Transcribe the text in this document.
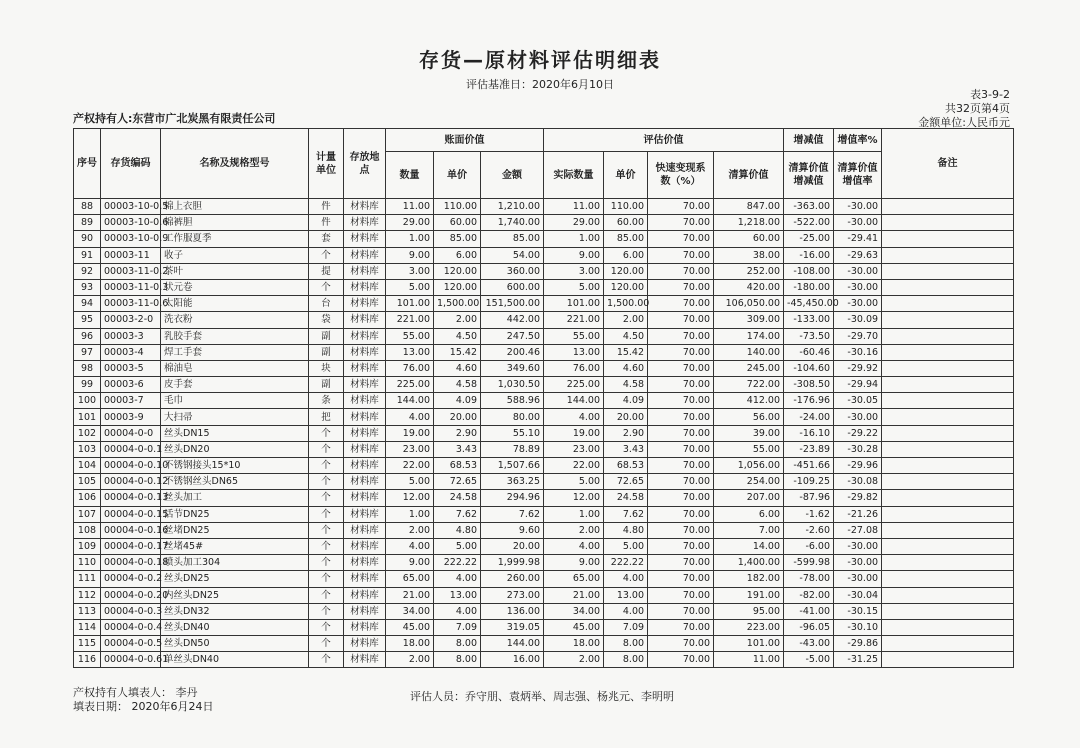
存货—原材料评估明细表
评估基准日：2020年6月10日
表3-9-2
共32页第4页
金额单位:人民币元
产权持有人:东营市广北炭黑有限责任公司
序号	存货编码	名称及规格型号	计量单位	存放地点	账面价值			评估价值				增减值	增值率%	备注
					数量	单价	金额	实际数量	单价	快速变现系数（%）	清算价值	清算价值增减值	清算价值增值率	
88	00003-10-0.5	棉上衣胆	件	材料库	11.00	110.00	1,210.00	11.00	110.00	70.00	847.00	-363.00	-30.00	
89	00003-10-0.6	棉裤胆	件	材料库	29.00	60.00	1,740.00	29.00	60.00	70.00	1,218.00	-522.00	-30.00	
90	00003-10-0.9	工作服夏季	套	材料库	1.00	85.00	85.00	1.00	85.00	70.00	60.00	-25.00	-29.41	
91	00003-11	收子	个	材料库	9.00	6.00	54.00	9.00	6.00	70.00	38.00	-16.00	-29.63	
92	00003-11-0.2	茶叶	提	材料库	3.00	120.00	360.00	3.00	120.00	70.00	252.00	-108.00	-30.00	
93	00003-11-0.3	状元卷	个	材料库	5.00	120.00	600.00	5.00	120.00	70.00	420.00	-180.00	-30.00	
94	00003-11-0.6	太阳能	台	材料库	101.00	1,500.00	151,500.00	101.00	1,500.00	70.00	106,050.00	-45,450.00	-30.00	
95	00003-2-0	洗衣粉	袋	材料库	221.00	2.00	442.00	221.00	2.00	70.00	309.00	-133.00	-30.09	
96	00003-3	乳胶手套	副	材料库	55.00	4.50	247.50	55.00	4.50	70.00	174.00	-73.50	-29.70	
97	00003-4	焊工手套	副	材料库	13.00	15.42	200.46	13.00	15.42	70.00	140.00	-60.46	-30.16	
98	00003-5	棉油皂	块	材料库	76.00	4.60	349.60	76.00	4.60	70.00	245.00	-104.60	-29.92	
99	00003-6	皮手套	副	材料库	225.00	4.58	1,030.50	225.00	4.58	70.00	722.00	-308.50	-29.94	
100	00003-7	毛巾	条	材料库	144.00	4.09	588.96	144.00	4.09	70.00	412.00	-176.96	-30.05	
101	00003-9	大扫帚	把	材料库	4.00	20.00	80.00	4.00	20.00	70.00	56.00	-24.00	-30.00	
102	00004-0-0	丝头DN15	个	材料库	19.00	2.90	55.10	19.00	2.90	70.00	39.00	-16.10	-29.22	
103	00004-0-0.1	丝头DN20	个	材料库	23.00	3.43	78.89	23.00	3.43	70.00	55.00	-23.89	-30.28	
104	00004-0-0.10	不锈钢接头15*10	个	材料库	22.00	68.53	1,507.66	22.00	68.53	70.00	1,056.00	-451.66	-29.96	
105	00004-0-0.12	不锈钢丝头DN65	个	材料库	5.00	72.65	363.25	5.00	72.65	70.00	254.00	-109.25	-30.08	
106	00004-0-0.13	丝头加工	个	材料库	12.00	24.58	294.96	12.00	24.58	70.00	207.00	-87.96	-29.82	
107	00004-0-0.15	活节DN25	个	材料库	1.00	7.62	7.62	1.00	7.62	70.00	6.00	-1.62	-21.26	
108	00004-0-0.16	丝堵DN25	个	材料库	2.00	4.80	9.60	2.00	4.80	70.00	7.00	-2.60	-27.08	
109	00004-0-0.17	丝堵45#	个	材料库	4.00	5.00	20.00	4.00	5.00	70.00	14.00	-6.00	-30.00	
110	00004-0-0.18	喷头加工304	个	材料库	9.00	222.22	1,999.98	9.00	222.22	70.00	1,400.00	-599.98	-30.00	
111	00004-0-0.2	丝头DN25	个	材料库	65.00	4.00	260.00	65.00	4.00	70.00	182.00	-78.00	-30.00	
112	00004-0-0.20	内丝头DN25	个	材料库	21.00	13.00	273.00	21.00	13.00	70.00	191.00	-82.00	-30.04	
113	00004-0-0.3	丝头DN32	个	材料库	34.00	4.00	136.00	34.00	4.00	70.00	95.00	-41.00	-30.15	
114	00004-0-0.4	丝头DN40	个	材料库	45.00	7.09	319.05	45.00	7.09	70.00	223.00	-96.05	-30.10	
115	00004-0-0.5	丝头DN50	个	材料库	18.00	8.00	144.00	18.00	8.00	70.00	101.00	-43.00	-29.86	
116	00004-0-0.61	单丝头DN40	个	材料库	2.00	8.00	16.00	2.00	8.00	70.00	11.00	-5.00	-31.25	
产权持有人填表人： 李丹
填表日期： 2020年6月24日
评估人员：乔守朋、袁炳举、周志强、杨兆元、李明明
